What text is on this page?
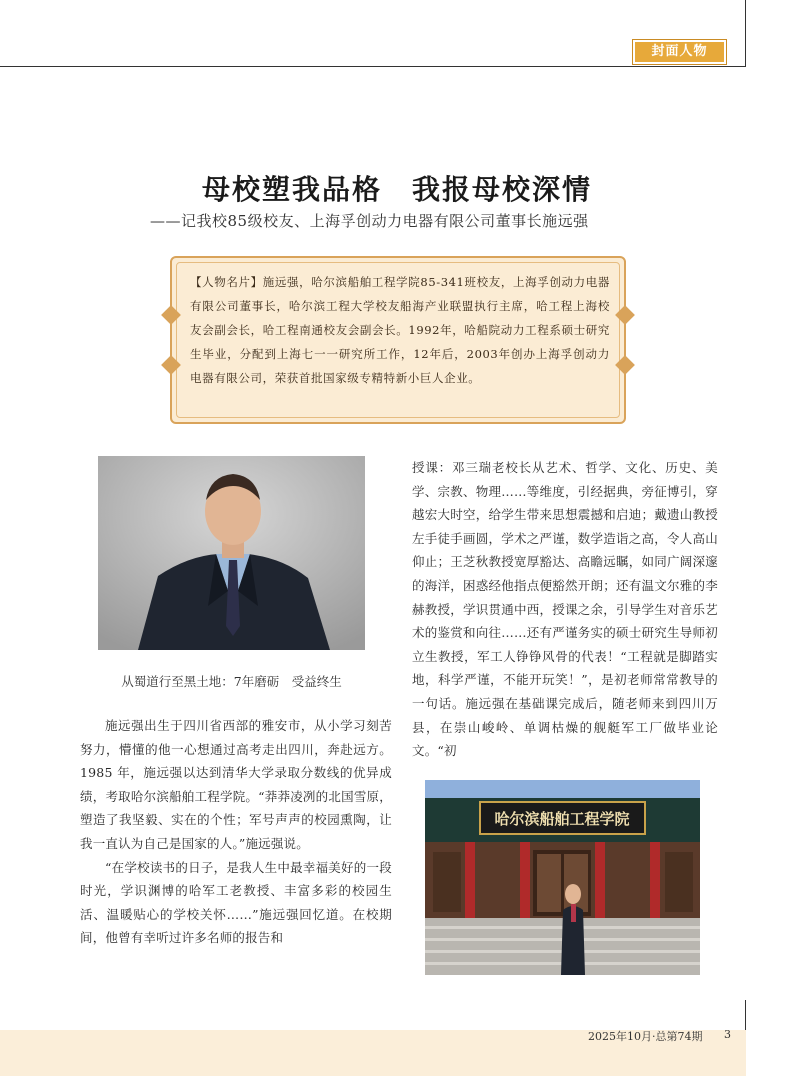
封面人物
母校塑我品格　我报母校深情
——记我校85级校友、上海孚创动力电器有限公司董事长施远强
【人物名片】施远强，哈尔滨船舶工程学院85-341班校友，上海孚创动力电器有限公司董事长，哈尔滨工程大学校友船海产业联盟执行主席，哈工程上海校友会副会长，哈工程南通校友会副会长。1992年，哈船院动力工程系硕士研究生毕业，分配到上海七一一研究所工作，12年后，2003年创办上海孚创动力电器有限公司，荣获首批国家级专精特新小巨人企业。
从蜀道行至黑土地：7年磨砺　受益终生

施远强出生于四川省西部的雅安市，从小学习刻苦努力，懵懂的他一心想通过高考走出四川，奔赴远方。1985 年，施远强以达到清华大学录取分数线的优异成绩，考取哈尔滨船舶工程学院。“莽莽凌冽的北国雪原，塑造了我坚毅、实在的个性；军号声声的校园熏陶，让我一直认为自己是国家的人。”施远强说。

“在学校读书的日子，是我人生中最幸福美好的一段时光，学识渊博的哈军工老教授、丰富多彩的校园生活、温暖贴心的学校关怀……”施远强回忆道。在校期间，他曾有幸听过许多名师的报告和

授课：邓三瑞老校长从艺术、哲学、文化、历史、美学、宗教、物理……等维度，引经据典，旁征博引，穿越宏大时空，给学生带来思想震撼和启迪；戴遗山教授左手徒手画圆，学术之严谨，数学造诣之高，令人高山仰止；王芝秋教授宽厚豁达、高瞻远瞩，如同广阔深邃的海洋，困惑经他指点便豁然开朗；还有温文尔雅的李赫教授，学识贯通中西，授课之余，引导学生对音乐艺术的鉴赏和向往……还有严谨务实的硕士研究生导师初立生教授，军工人铮铮风骨的代表！“工程就是脚踏实地，科学严谨，不能开玩笑！”，是初老师常常教导的一句话。施远强在基础课完成后，随老师来到四川万县，在崇山峻岭、单调枯燥的舰艇军工厂做毕业论文。“初

哈尔滨船舶工程学院
2025年10月·总第74期 3
